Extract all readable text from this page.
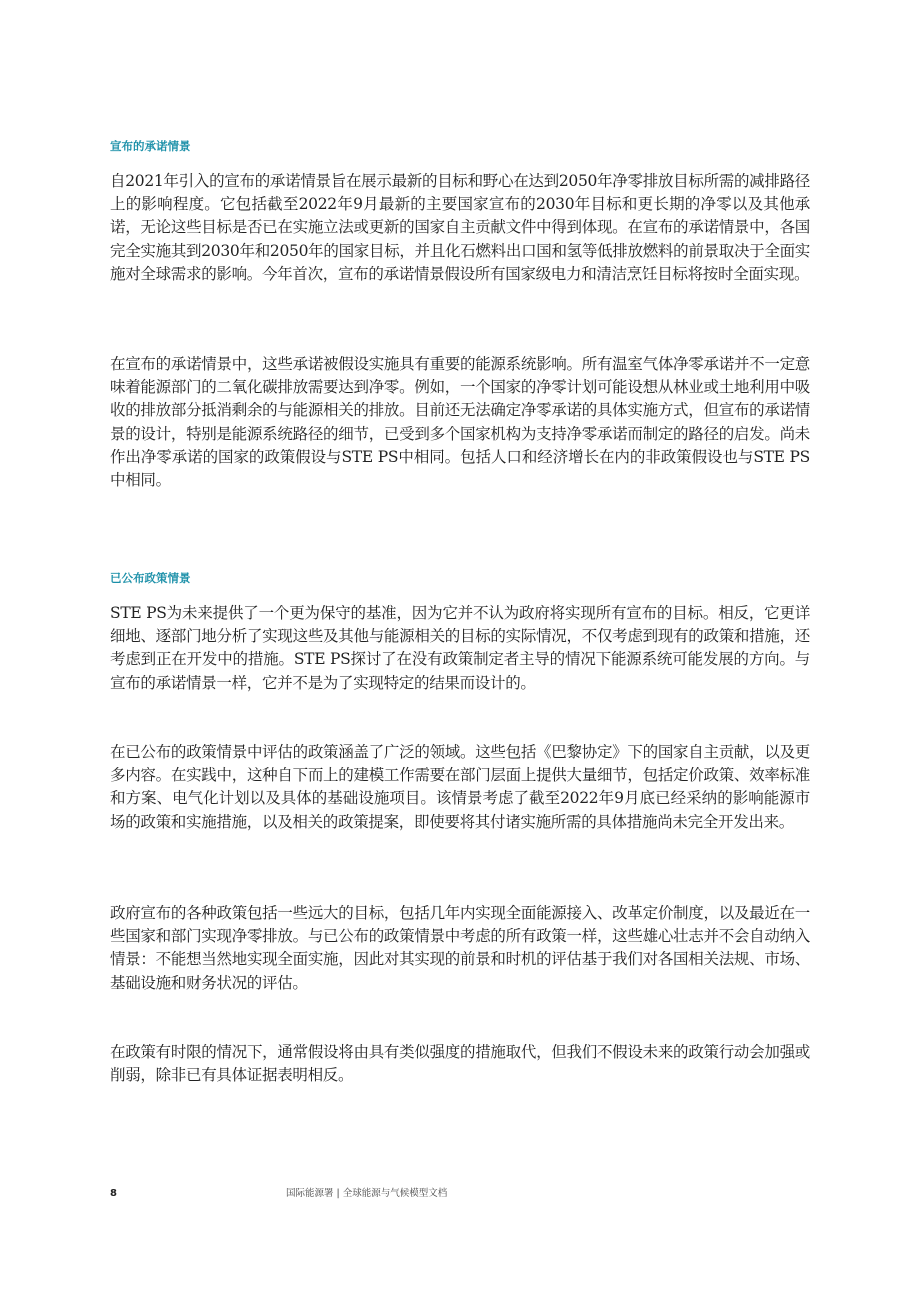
宣布的承诺情景

自2021年引入的宣布的承诺情景旨在展示最新的目标和野心在达到2050年净零排放目标所需的减排路径上的影响程度。它包括截至2022年9月最新的主要国家宣布的2030年目标和更长期的净零以及其他承诺，无论这些目标是否已在实施立法或更新的国家自主贡献文件中得到体现。在宣布的承诺情景中，各国完全实施其到2030年和2050年的国家目标，并且化石燃料出口国和氢等低排放燃料的前景取决于全面实施对全球需求的影响。今年首次，宣布的承诺情景假设所有国家级电力和清洁烹饪目标将按时全面实现。

在宣布的承诺情景中，这些承诺被假设实施具有重要的能源系统影响。所有温室气体净零承诺并不一定意味着能源部门的二氧化碳排放需要达到净零。例如，一个国家的净零计划可能设想从林业或土地利用中吸收的排放部分抵消剩余的与能源相关的排放。目前还无法确定净零承诺的具体实施方式，但宣布的承诺情景的设计，特别是能源系统路径的细节，已受到多个国家机构为支持净零承诺而制定的路径的启发。尚未作出净零承诺的国家的政策假设与STE PS中相同。包括人口和经济增长在内的非政策假设也与STE PS中相同。

已公布政策情景

STE PS为未来提供了一个更为保守的基准，因为它并不认为政府将实现所有宣布的目标。相反，它更详细地、逐部门地分析了实现这些及其他与能源相关的目标的实际情况，不仅考虑到现有的政策和措施，还考虑到正在开发中的措施。STE PS探讨了在没有政策制定者主导的情况下能源系统可能发展的方向。与宣布的承诺情景一样，它并不是为了实现特定的结果而设计的。

在已公布的政策情景中评估的政策涵盖了广泛的领域。这些包括《巴黎协定》下的国家自主贡献，以及更多内容。在实践中，这种自下而上的建模工作需要在部门层面上提供大量细节，包括定价政策、效率标准和方案、电气化计划以及具体的基础设施项目。该情景考虑了截至2022年9月底已经采纳的影响能源市场的政策和实施措施，以及相关的政策提案，即使要将其付诸实施所需的具体措施尚未完全开发出来。

政府宣布的各种政策包括一些远大的目标，包括几年内实现全面能源接入、改革定价制度，以及最近在一些国家和部门实现净零排放。与已公布的政策情景中考虑的所有政策一样，这些雄心壮志并不会自动纳入情景：不能想当然地实现全面实施，因此对其实现的前景和时机的评估基于我们对各国相关法规、市场、基础设施和财务状况的评估。

在政策有时限的情况下，通常假设将由具有类似强度的措施取代，但我们不假设未来的政策行动会加强或削弱，除非已有具体证据表明相反。

8	国际能源署 | 全球能源与气候模型文档
